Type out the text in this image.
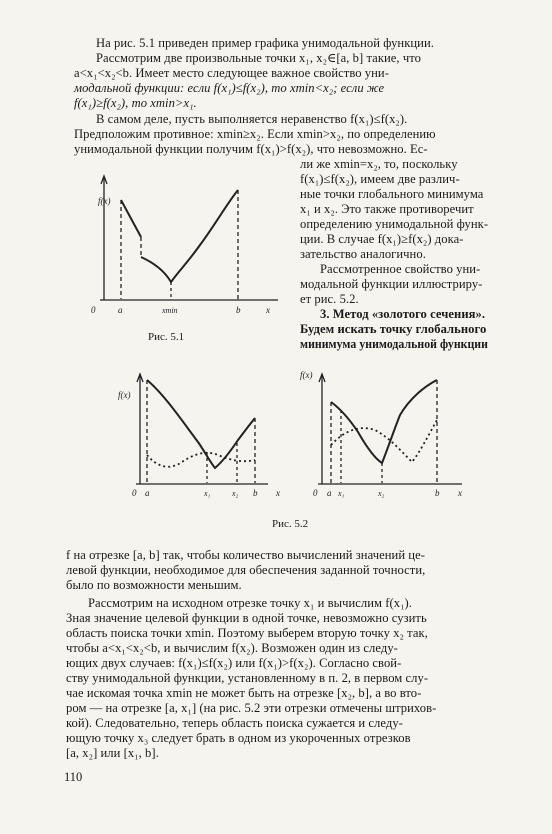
На рис. 5.1 приведен пример графика унимодальной функции.
Рассмотрим две произвольные точки x₁, x₂∈[a, b] такие, что
a<x₁<x₂<b. Имеет место следующее важное свойство уни-
модальной функции: если f(x₁)≤f(x₂), то xmin<x₂; если же
f(x₁)≥f(x₂), то xmin>x₁.
В самом деле, пусть выполняется неравенство f(x₁)≤f(x₂).
Предположим противное: xmin≥x₂. Если xmin>x₂, по определению
унимодальной функции получим f(x₁)>f(x₂), что невозможно. Ес-
ли же xmin=x₂, то, поскольку
f(x₁)≤f(x₂), имеем две различ-
ные точки глобального минимума
x₁ и x₂. Это также противоречит
определению унимодальной функ-
ции. В случае f(x₁)≥f(x₂) дока-
зательство аналогично.
Рассмотренное свойство уни-
модальной функции иллюстриру-
ет рис. 5.2.
3. Метод «золотого сечения».
Будем искать точку глобального
минимума унимодальной функции
f(x)
0	a	xmin	b	x
Рис. 5.1
f(x)
0 a	x₁	x₂ b x
f(x)
0 a x₁	x₂	b x
Рис. 5.2
f на отрезке [a, b] так, чтобы количество вычислений значений це-
левой функции, необходимое для обеспечения заданной точности,
было по возможности меньшим.
Рассмотрим на исходном отрезке точку x₁ и вычислим f(x₁).
Зная значение целевой функции в одной точке, невозможно сузить
область поиска точки xmin. Поэтому выберем вторую точку x₂ так,
чтобы a<x₁<x₂<b, и вычислим f(x₂). Возможен один из следу-
ющих двух случаев: f(x₁)≤f(x₂) или f(x₁)>f(x₂). Согласно свой-
ству унимодальной функции, установленному в п. 2, в первом слу-
чае искомая точка xmin не может быть на отрезке [x₂, b], а во вто-
ром — на отрезке [a, x₁] (на рис. 5.2 эти отрезки отмечены штрихов-
кой). Следовательно, теперь область поиска сужается и следу-
ющую точку x₃ следует брать в одном из укороченных отрезков
[a, x₂] или [x₁, b].
110
